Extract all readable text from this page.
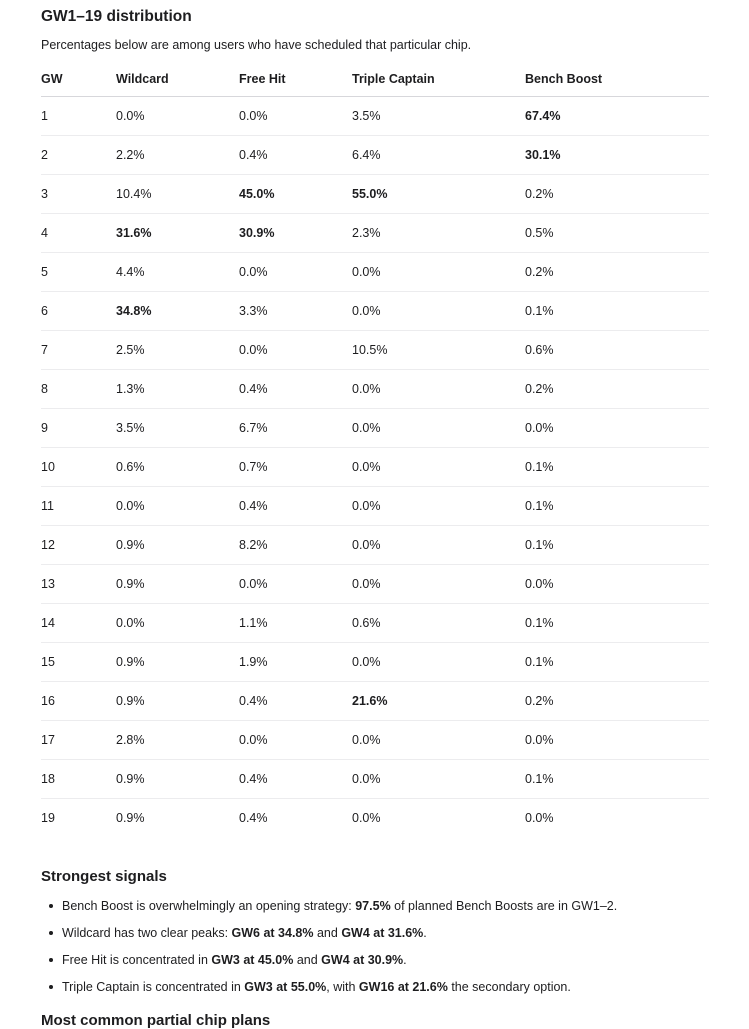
GW1–19 distribution

Percentages below are among users who have scheduled that particular chip.

GW	Wildcard	Free Hit	Triple Captain	Bench Boost
1	0.0%	0.0%	3.5%	67.4%
2	2.2%	0.4%	6.4%	30.1%
3	10.4%	45.0%	55.0%	0.2%
4	31.6%	30.9%	2.3%	0.5%
5	4.4%	0.0%	0.0%	0.2%
6	34.8%	3.3%	0.0%	0.1%
7	2.5%	0.0%	10.5%	0.6%
8	1.3%	0.4%	0.0%	0.2%
9	3.5%	6.7%	0.0%	0.0%
10	0.6%	0.7%	0.0%	0.1%
11	0.0%	0.4%	0.0%	0.1%
12	0.9%	8.2%	0.0%	0.1%
13	0.9%	0.0%	0.0%	0.0%
14	0.0%	1.1%	0.6%	0.1%
15	0.9%	1.9%	0.0%	0.1%
16	0.9%	0.4%	21.6%	0.2%
17	2.8%	0.0%	0.0%	0.0%
18	0.9%	0.4%	0.0%	0.1%
19	0.9%	0.4%	0.0%	0.0%
Strongest signals
Bench Boost is overwhelmingly an opening strategy: 97.5% of planned Bench Boosts are in GW1–2.
Wildcard has two clear peaks: GW6 at 34.8% and GW4 at 31.6%.
Free Hit is concentrated in GW3 at 45.0% and GW4 at 30.9%.
Triple Captain is concentrated in GW3 at 55.0%, with GW16 at 21.6% the secondary option.
Most common partial chip plans
